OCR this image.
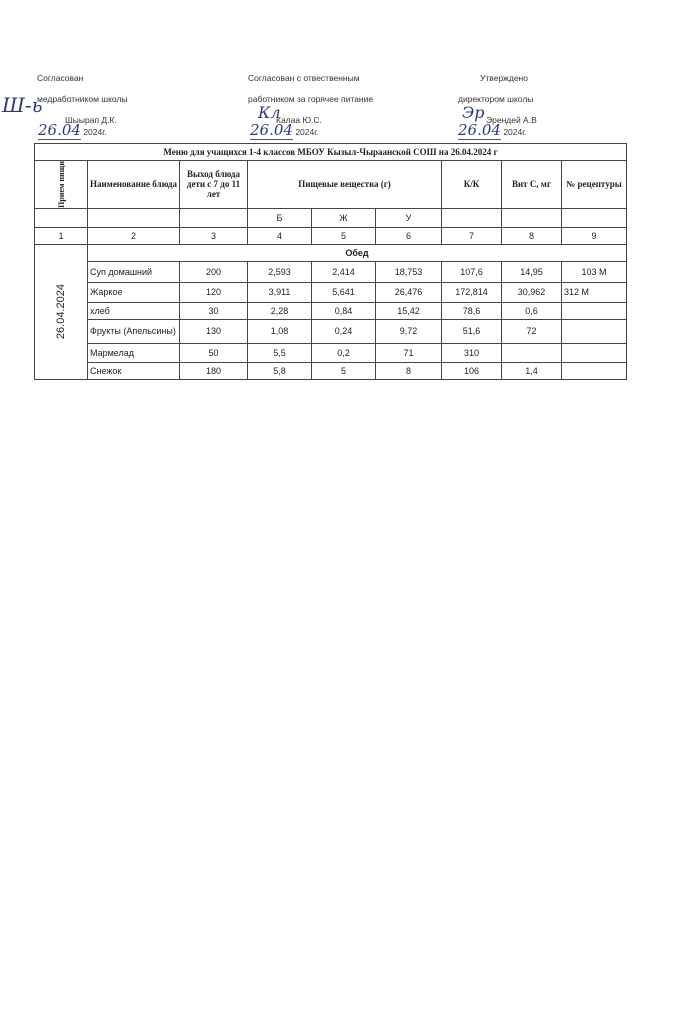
Согласован
медработником школы
Шыырап Д.К.
Согласован с отвественным
работником за горячее питание
Калаа Ю.С.
Утверждено
директором школы
Эрендей А.В
Ш‑ь	Кл	Эр
26.04 2024г.	26.04 2024г.	26.04 2024г.
Меню для учащихся 1-4 классов МБОУ Кызыл-Чыраанской СОШ на 26.04.2024 г								

Прием пищи	Наименование блюда	Выход блюда дети с 7 до 11 лет	Пищевые вещества (г)			К/К	Вит С, мг	№ рецептуры
			Б	Ж	У			
1	2	3	4	5	6	7	8	9

26.04.2024	Обед							
	Суп домашний	200	2,593	2,414	18,753	107,6	14,95	103 М
	Жаркое	120	3,911	5,641	26,476	172,814	30,962	312 М
	хлеб	30	2,28	0,84	15,42	78,6	0,6	
	Фрукты (Апельсины)	130	1,08	0,24	9,72	51,6	72	
	Мармелад	50	5,5	0,2	71	310		
	Снежок	180	5,8	5	8	106	1,4	
